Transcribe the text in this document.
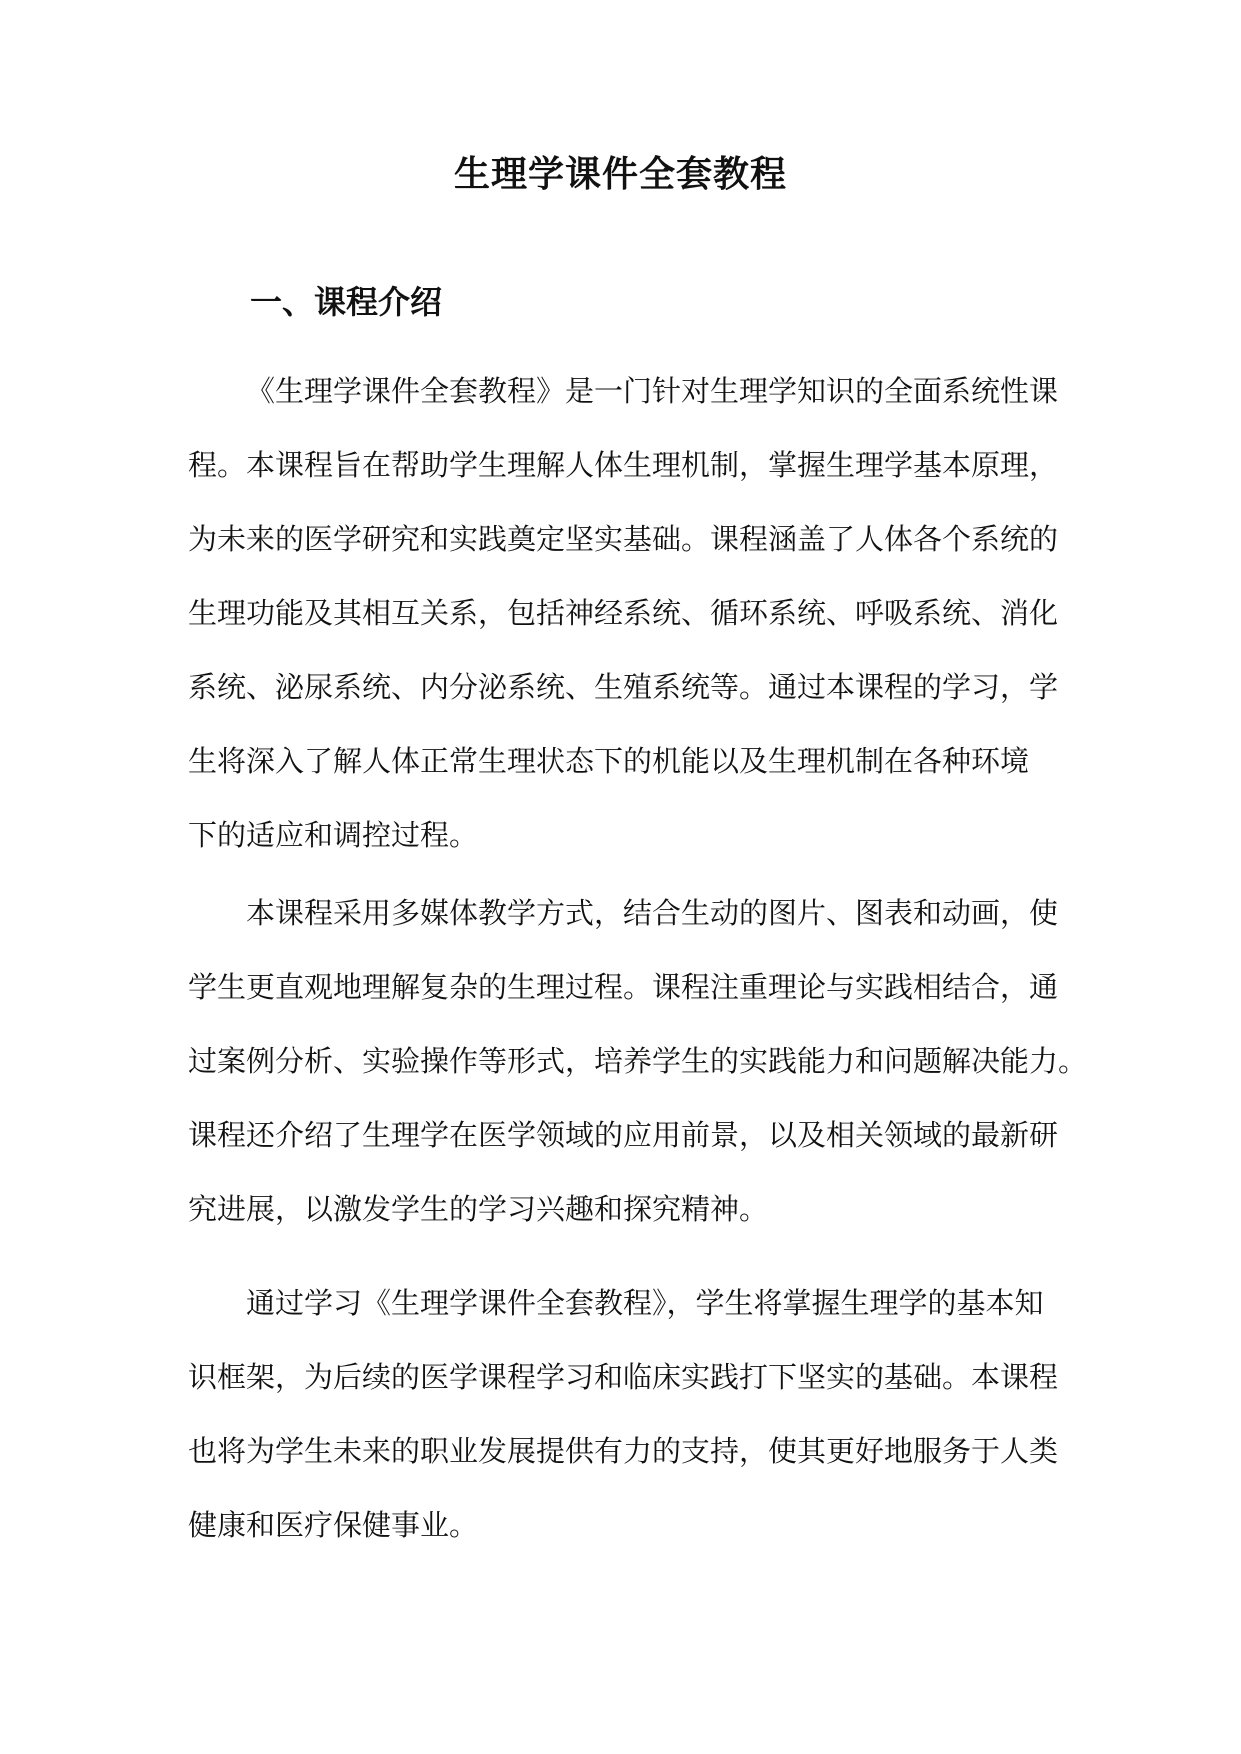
生理学课件全套教程
一、课程介绍
《生理学课件全套教程》是一门针对生理学知识的全面系统性课
程。本课程旨在帮助学生理解人体生理机制，掌握生理学基本原理，
为未来的医学研究和实践奠定坚实基础。课程涵盖了人体各个系统的
生理功能及其相互关系，包括神经系统、循环系统、呼吸系统、消化
系统、泌尿系统、内分泌系统、生殖系统等。通过本课程的学习，学
生将深入了解人体正常生理状态下的机能以及生理机制在各种环境
下的适应和调控过程。
本课程采用多媒体教学方式，结合生动的图片、图表和动画，使
学生更直观地理解复杂的生理过程。课程注重理论与实践相结合，通
过案例分析、实验操作等形式，培养学生的实践能力和问题解决能力。
课程还介绍了生理学在医学领域的应用前景，以及相关领域的最新研
究进展，以激发学生的学习兴趣和探究精神。
通过学习《生理学课件全套教程》，学生将掌握生理学的基本知
识框架，为后续的医学课程学习和临床实践打下坚实的基础。本课程
也将为学生未来的职业发展提供有力的支持，使其更好地服务于人类
健康和医疗保健事业。
